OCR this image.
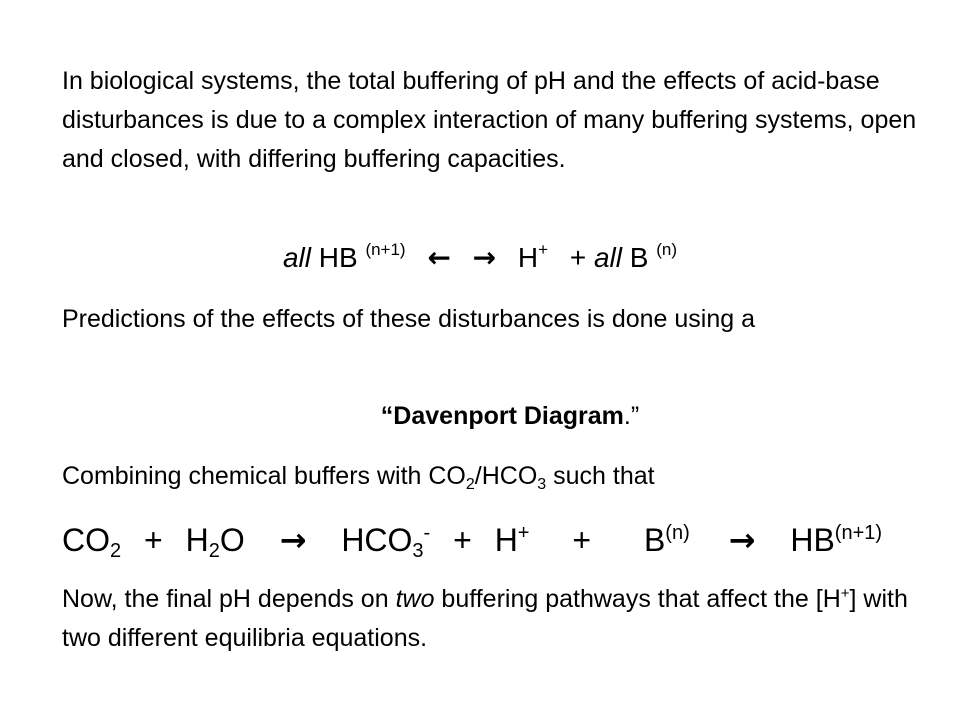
In biological systems, the total buffering of pH and the effects of acid-base disturbances is due to a complex interaction of many buffering systems, open and closed, with differing buffering capacities.

all HB $^{(n+1)}$ ← → H+ + all B $^{(n)}$

Predictions of the effects of these disturbances is done using a

“Davenport Diagram.”

Combining chemical buffers with $CO_2/HCO_3$ such that

$CO_2 + H_2O \to HCO_3^- + H^+ + B^{(n)} \to HB^{(n+1)}$

Now, the final pH depends on two buffering pathways that affect the [H+] with two different equilibria equations.
